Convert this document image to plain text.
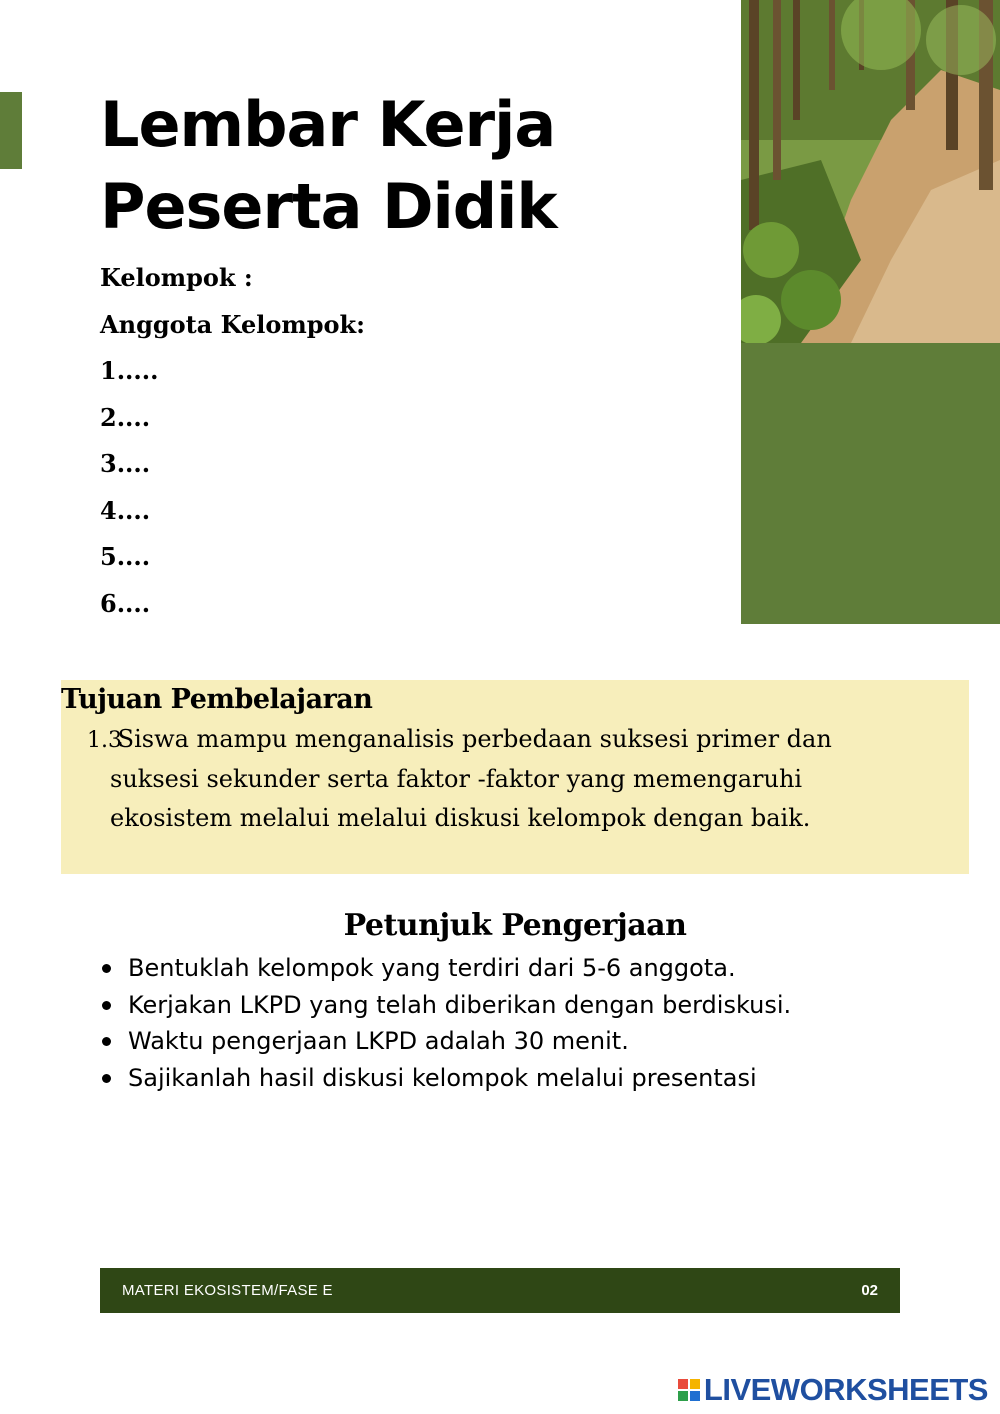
Lembar Kerja
Peserta Didik
Kelompok :
Anggota Kelompok:
1.....
2....
3....
4....
5....
6....
Tujuan Pembelajaran
1.3 Siswa mampu menganalisis perbedaan suksesi primer dan
suksesi sekunder serta faktor -faktor yang memengaruhi
ekosistem melalui melalui diskusi kelompok dengan baik.
Petunjuk Pengerjaan
Bentuklah kelompok yang terdiri dari 5-6 anggota.
Kerjakan LKPD yang telah diberikan dengan berdiskusi.
Waktu pengerjaan LKPD adalah 30 menit.
Sajikanlah hasil diskusi kelompok melalui presentasi
MATERI EKOSISTEM/FASE E	02
LIVEWORKSHEETS
